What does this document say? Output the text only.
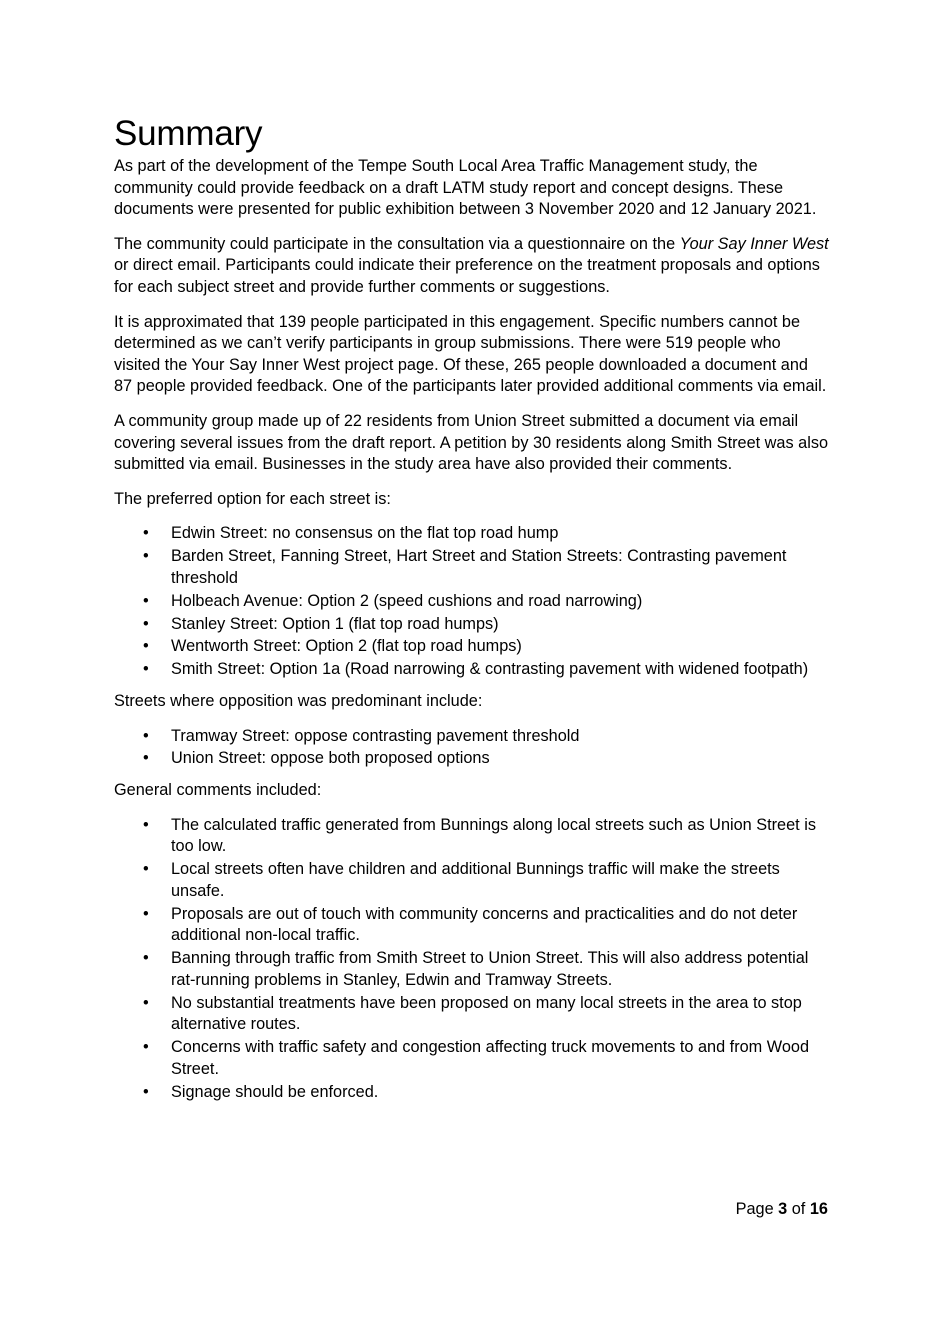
Summary

As part of the development of the Tempe South Local Area Traffic Management study, the community could provide feedback on a draft LATM study report and concept designs. These documents were presented for public exhibition between 3 November 2020 and 12 January 2021.

The community could participate in the consultation via a questionnaire on the Your Say Inner West or direct email. Participants could indicate their preference on the treatment proposals and options for each subject street and provide further comments or suggestions.

It is approximated that 139 people participated in this engagement. Specific numbers cannot be determined as we can’t verify participants in group submissions. There were 519 people who visited the Your Say Inner West project page. Of these, 265 people downloaded a document and 87 people provided feedback. One of the participants later provided additional comments via email.

A community group made up of 22 residents from Union Street submitted a document via email covering several issues from the draft report. A petition by 30 residents along Smith Street was also submitted via email. Businesses in the study area have also provided their comments.

The preferred option for each street is:

• Edwin Street: no consensus on the flat top road hump
• Barden Street, Fanning Street, Hart Street and Station Streets: Contrasting pavement threshold
• Holbeach Avenue: Option 2 (speed cushions and road narrowing)
• Stanley Street: Option 1 (flat top road humps)
• Wentworth Street: Option 2 (flat top road humps)
• Smith Street: Option 1a (Road narrowing & contrasting pavement with widened footpath)

Streets where opposition was predominant include:

• Tramway Street: oppose contrasting pavement threshold
• Union Street: oppose both proposed options

General comments included:

• The calculated traffic generated from Bunnings along local streets such as Union Street is too low.
• Local streets often have children and additional Bunnings traffic will make the streets unsafe.
• Proposals are out of touch with community concerns and practicalities and do not deter additional non-local traffic.
• Banning through traffic from Smith Street to Union Street. This will also address potential rat-running problems in Stanley, Edwin and Tramway Streets.
• No substantial treatments have been proposed on many local streets in the area to stop alternative routes.
• Concerns with traffic safety and congestion affecting truck movements to and from Wood Street.
• Signage should be enforced.
Page 3 of 16
